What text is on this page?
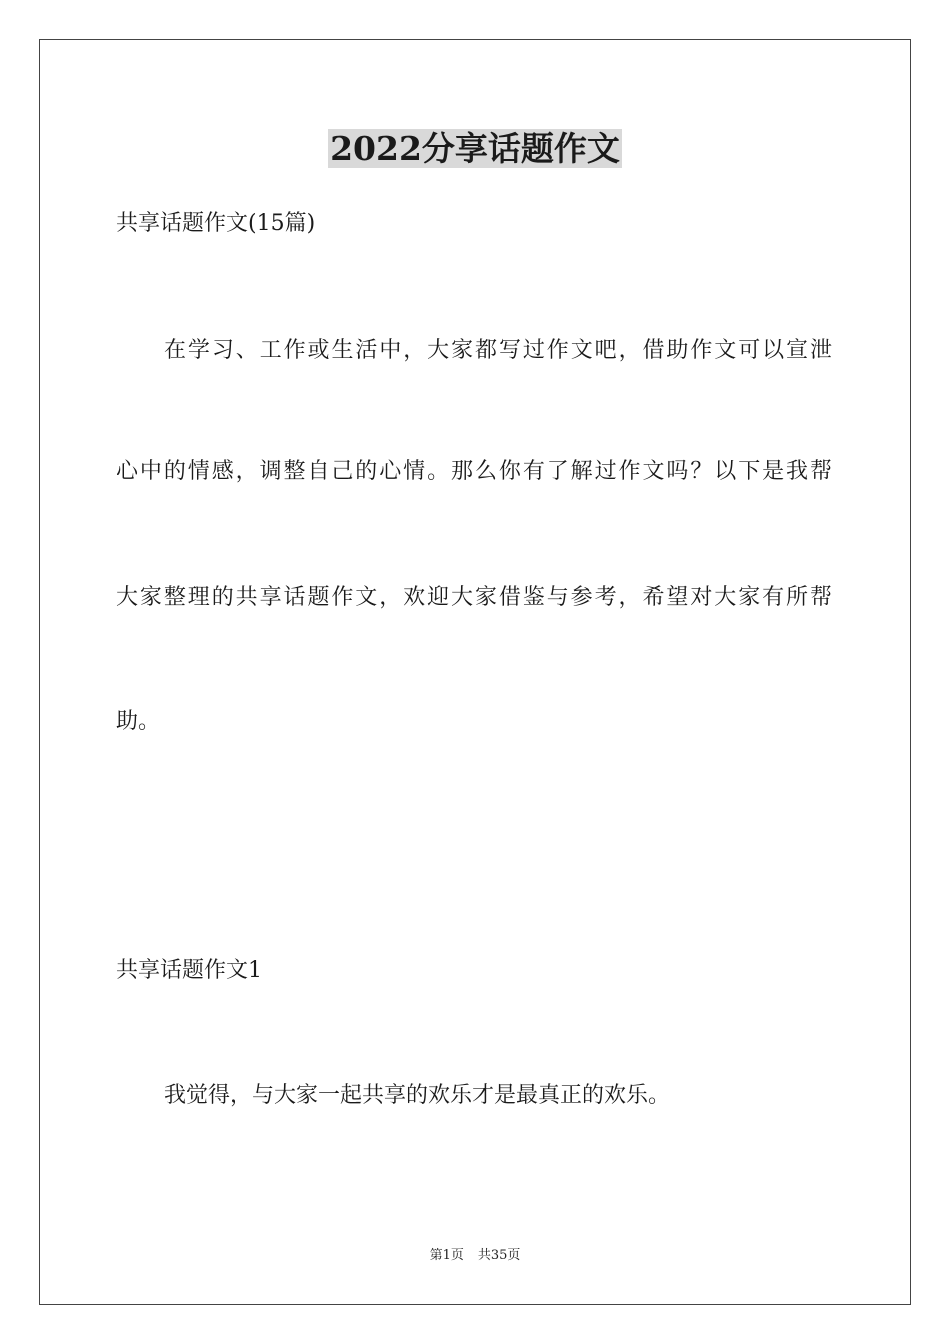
2022分享话题作文

共享话题作文(15篇)

在学习、工作或生活中，大家都写过作文吧，借助作文可以宣泄

心中的情感，调整自己的心情。那么你有了解过作文吗？以下是我帮

大家整理的共享话题作文，欢迎大家借鉴与参考，希望对大家有所帮

助。

共享话题作文1

我觉得，与大家一起共享的欢乐才是最真正的欢乐。

第1页 共35页
